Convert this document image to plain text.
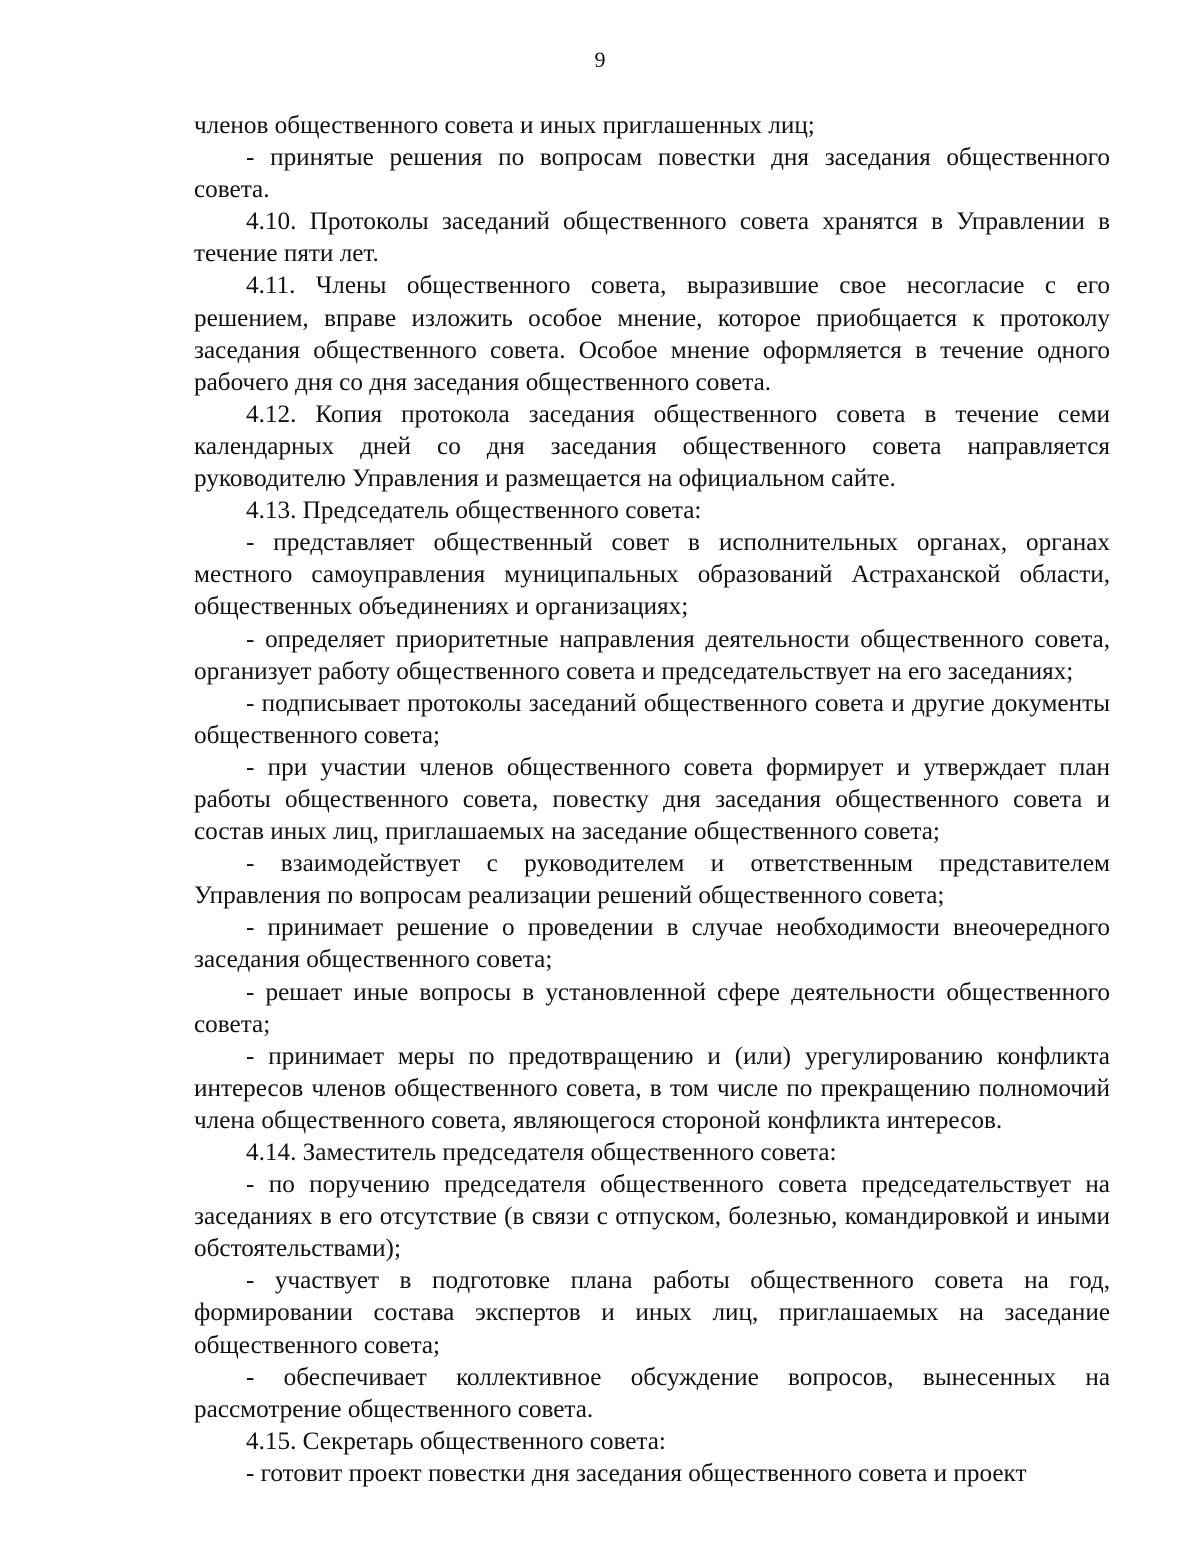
9

членов общественного совета и иных приглашенных лиц;

- принятые решения по вопросам повестки дня заседания общественного совета.

4.10. Протоколы заседаний общественного совета хранятся в Управлении в течение пяти лет.

4.11. Члены общественного совета, выразившие свое несогласие с его решением, вправе изложить особое мнение, которое приобщается к протоколу заседания общественного совета. Особое мнение оформляется в течение одного рабочего дня со дня заседания общественного совета.

4.12. Копия протокола заседания общественного совета в течение семи календарных дней со дня заседания общественного совета направляется руководителю Управления и размещается на официальном сайте.

4.13. Председатель общественного совета:

- представляет общественный совет в исполнительных органах, органах местного самоуправления муниципальных образований Астраханской области, общественных объединениях и организациях;

- определяет приоритетные направления деятельности общественного совета, организует работу общественного совета и председательствует на его заседаниях;

- подписывает протоколы заседаний общественного совета и другие документы общественного совета;

- при участии членов общественного совета формирует и утверждает план работы общественного совета, повестку дня заседания общественного совета и состав иных лиц, приглашаемых на заседание общественного совета;

- взаимодействует с руководителем и ответственным представителем Управления по вопросам реализации решений общественного совета;

- принимает решение о проведении в случае необходимости внеочередного заседания общественного совета;

- решает иные вопросы в установленной сфере деятельности общественного совета;

- принимает меры по предотвращению и (или) урегулированию конфликта интересов членов общественного совета, в том числе по прекращению полномочий члена общественного совета, являющегося стороной конфликта интересов.

4.14. Заместитель председателя общественного совета:

- по поручению председателя общественного совета председательствует на заседаниях в его отсутствие (в связи с отпуском, болезнью, командировкой и иными обстоятельствами);

- участвует в подготовке плана работы общественного совета на год, формировании состава экспертов и иных лиц, приглашаемых на заседание общественного совета;

- обеспечивает коллективное обсуждение вопросов, вынесенных на рассмотрение общественного совета.

4.15. Секретарь общественного совета:

- готовит проект повестки дня заседания общественного совета и проект
